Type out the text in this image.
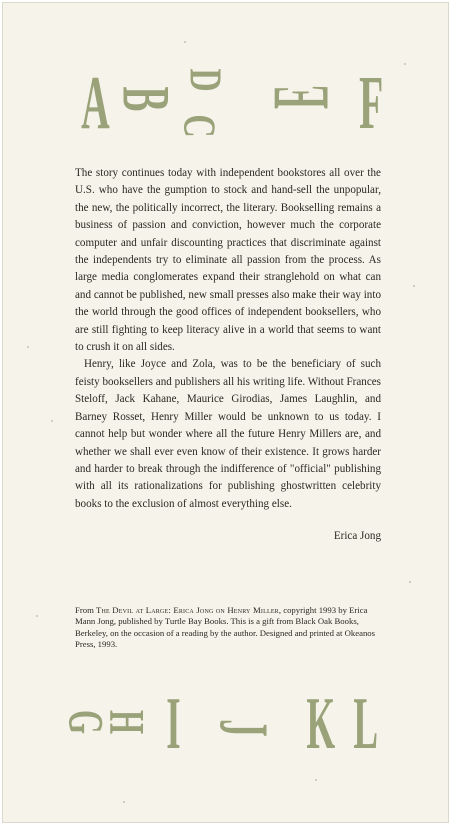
A
B
C
D
E F

The story continues today with independent bookstores all over the U.S. who have the gumption to stock and hand-sell the unpopular, the new, the politically incorrect, the literary. Bookselling remains a business of passion and conviction, however much the corporate computer and unfair discounting practices that discriminate against the independents try to eliminate all passion from the process. As large media conglomerates expand their stranglehold on what can and cannot be published, new small presses also make their way into the world through the good offices of independent booksellers, who are still fighting to keep literacy alive in a world that seems to want to crush it on all sides.

Henry, like Joyce and Zola, was to be the beneficiary of such feisty booksellers and publishers all his writing life. Without Frances Steloff, Jack Kahane, Maurice Girodias, James Laughlin, and Barney Rosset, Henry Miller would be unknown to us today. I cannot help but wonder where all the future Henry Millers are, and whether we shall ever even know of their existence. It grows harder and harder to break through the indifference of "official" publishing with all its rationalizations for publishing ghostwritten celebrity books to the exclusion of almost everything else.

Erica Jong
From The Devil at Large: Erica Jong on Henry Miller, copyright 1993 by Erica Mann Jong, published by Turtle Bay Books. This is a gift from Black Oak Books, Berkeley, on the occasion of a reading by the author. Designed and printed at Okeanos Press, 1993.
G
H I J K L
